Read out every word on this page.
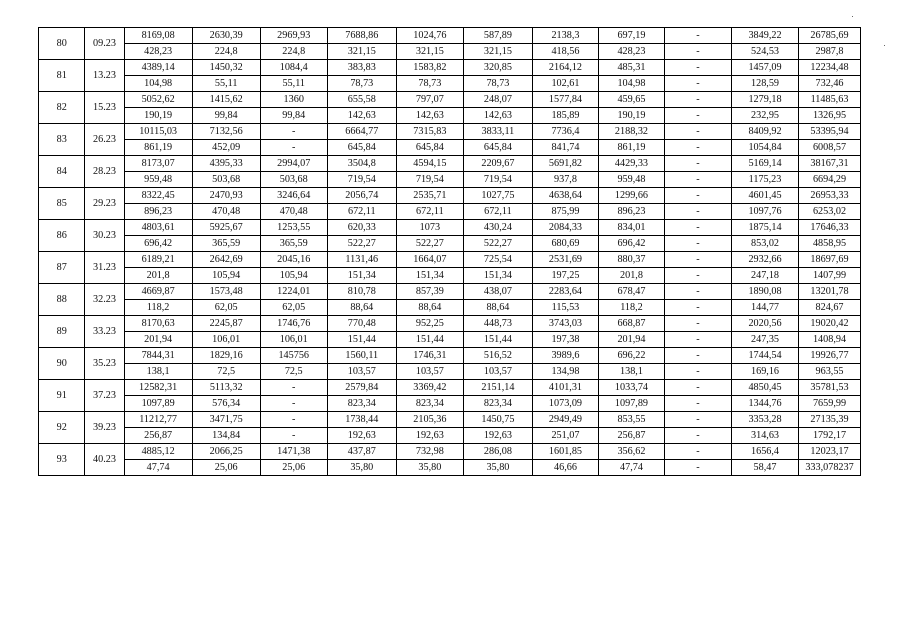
80	09.23	8169,08	2630,39	2969,93	7688,86	1024,76	587,89	2138,3	697,19	-	3849,22	26785,69
		428,23	224,8	224,8	321,15	321,15	321,15	418,56	428,23	-	524,53	2987,8
81	13.23	4389,14	1450,32	1084,4	383,83	1583,82	320,85	2164,12	485,31	-	1457,09	12234,48
		104,98	55,11	55,11	78,73	78,73	78,73	102,61	104,98	-	128,59	732,46
82	15.23	5052,62	1415,62	1360	655,58	797,07	248,07	1577,84	459,65	-	1279,18	11485,63
		190,19	99,84	99,84	142,63	142,63	142,63	185,89	190,19	-	232,95	1326,95
83	26.23	10115,03	7132,56	-	6664,77	7315,83	3833,11	7736,4	2188,32	-	8409,92	53395,94
		861,19	452,09	-	645,84	645,84	645,84	841,74	861,19	-	1054,84	6008,57
84	28.23	8173,07	4395,33	2994,07	3504,8	4594,15	2209,67	5691,82	4429,33	-	5169,14	38167,31
		959,48	503,68	503,68	719,54	719,54	719,54	937,8	959,48	-	1175,23	6694,29
85	29.23	8322,45	2470,93	3246,64	2056,74	2535,71	1027,75	4638,64	1299,66	-	4601,45	26953,33
		896,23	470,48	470,48	672,11	672,11	672,11	875,99	896,23	-	1097,76	6253,02
86	30.23	4803,61	5925,67	1253,55	620,33	1073	430,24	2084,33	834,01	-	1875,14	17646,33
		696,42	365,59	365,59	522,27	522,27	522,27	680,69	696,42	-	853,02	4858,95
87	31.23	6189,21	2642,69	2045,16	1131,46	1664,07	725,54	2531,69	880,37	-	2932,66	18697,69
		201,8	105,94	105,94	151,34	151,34	151,34	197,25	201,8	-	247,18	1407,99
88	32.23	4669,87	1573,48	1224,01	810,78	857,39	438,07	2283,64	678,47	-	1890,08	13201,78
		118,2	62,05	62,05	88,64	88,64	88,64	115,53	118,2	-	144,77	824,67
89	33.23	8170,63	2245,87	1746,76	770,48	952,25	448,73	3743,03	668,87	-	2020,56	19020,42
		201,94	106,01	106,01	151,44	151,44	151,44	197,38	201,94	-	247,35	1408,94
90	35.23	7844,31	1829,16	145756	1560,11	1746,31	516,52	3989,6	696,22	-	1744,54	19926,77
		138,1	72,5	72,5	103,57	103,57	103,57	134,98	138,1	-	169,16	963,55
91	37.23	12582,31	5113,32	-	2579,84	3369,42	2151,14	4101,31	1033,74	-	4850,45	35781,53
		1097,89	576,34	-	823,34	823,34	823,34	1073,09	1097,89	-	1344,76	7659,99
92	39.23	11212,77	3471,75	-	1738,44	2105,36	1450,75	2949,49	853,55	-	3353,28	27135,39
		256,87	134,84	-	192,63	192,63	192,63	251,07	256,87	-	314,63	1792,17
93	40.23	4885,12	2066,25	1471,38	437,87	732,98	286,08	1601,85	356,62	-	1656,4	12023,17
		47,74	25,06	25,06	35,80	35,80	35,80	46,66	47,74	-	58,47	333,078237
